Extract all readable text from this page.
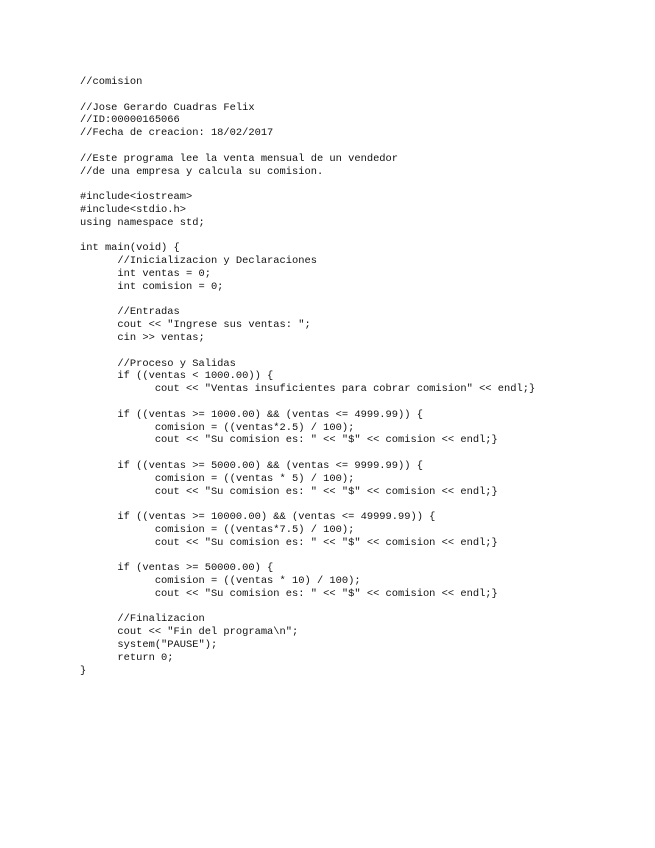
//comision
//Jose Gerardo Cuadras Felix
//ID:00000165066
//Fecha de creacion: 18/02/2017
//Este programa lee la venta mensual de un vendedor
//de una empresa y calcula su comision.
#include<iostream>
#include<stdio.h>
using namespace std;
int main(void) {
//Inicializacion y Declaraciones
int ventas = 0;
int comision = 0;
//Entradas
cout << "Ingrese sus ventas: ";
cin >> ventas;
//Proceso y Salidas
if ((ventas < 1000.00)) {
cout << "Ventas insuficientes para cobrar comision" << endl;}
if ((ventas >= 1000.00) && (ventas <= 4999.99)) {
comision = ((ventas*2.5) / 100);
cout << "Su comision es: " << "$" << comision << endl;}
if ((ventas >= 5000.00) && (ventas <= 9999.99)) {
comision = ((ventas * 5) / 100);
cout << "Su comision es: " << "$" << comision << endl;}
if ((ventas >= 10000.00) && (ventas <= 49999.99)) {
comision = ((ventas*7.5) / 100);
cout << "Su comision es: " << "$" << comision << endl;}
if (ventas >= 50000.00) {
comision = ((ventas * 10) / 100);
cout << "Su comision es: " << "$" << comision << endl;}
//Finalizacion
cout << "Fin del programa\n";
system("PAUSE");
return 0;
}
